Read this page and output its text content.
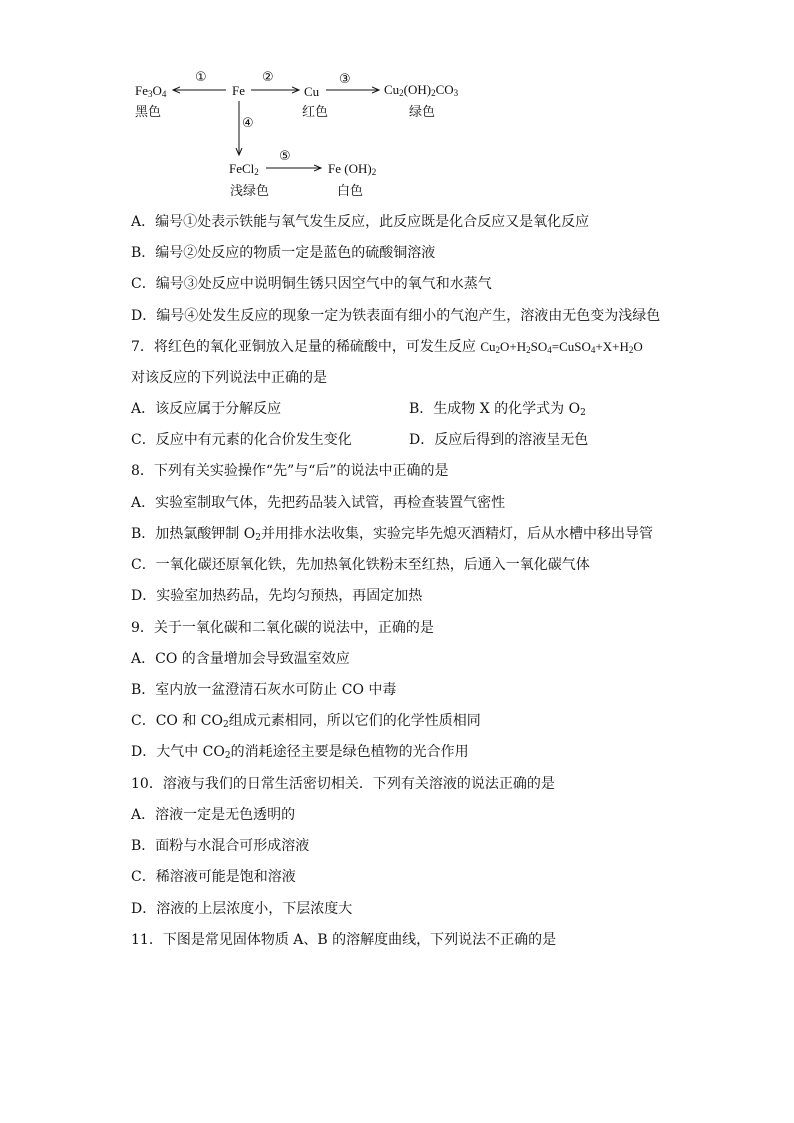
①	②	③
④
⑤
$Fe_3O_4$
黑色
Fe	Cu
红色
$Cu_2(OH)_2CO_3$
绿色
FeCl$_2$
浅绿色
Fe $(OH)_2$
白色
A．编号①处表示铁能与氧气发生反应，此反应既是化合反应又是氧化反应
B．编号②处反应的物质一定是蓝色的硫酸铜溶液
C．编号③处反应中说明铜生锈只因空气中的氧气和水蒸气
D．编号④处发生反应的现象一定为铁表面有细小的气泡产生，溶液由无色变为浅绿色
7．将红色的氧化亚铜放入足量的稀硫酸中，可发生反应 $Cu_2O+H_2SO_4=CuSO_4+X+H_2O$
对该反应的下列说法中正确的是
A．该反应属于分解反应	B．生成物 X 的化学式为 $O_2$
C．反应中有元素的化合价发生变化	D．反应后得到的溶液呈无色
8．下列有关实验操作“先”与“后”的说法中正确的是
A．实验室制取气体，先把药品装入试管，再检查装置气密性
B．加热氯酸钾制 $O_2$并用排水法收集，实验完毕先熄灭酒精灯，后从水槽中移出导管
C．一氧化碳还原氧化铁，先加热氧化铁粉末至红热，后通入一氧化碳气体
D．实验室加热药品，先均匀预热，再固定加热
9．关于一氧化碳和二氧化碳的说法中，正确的是
A．CO 的含量增加会导致温室效应
B．室内放一盆澄清石灰水可防止 CO 中毒
C．CO 和 $CO_2$组成元素相同，所以它们的化学性质相同
D．大气中 $CO_2$的消耗途径主要是绿色植物的光合作用
10．溶液与我们的日常生活密切相关．下列有关溶液的说法正确的是
A．溶液一定是无色透明的
B．面粉与水混合可形成溶液
C．稀溶液可能是饱和溶液
D．溶液的上层浓度小，下层浓度大
11．下图是常见固体物质 A、B 的溶解度曲线，下列说法不正确的是
